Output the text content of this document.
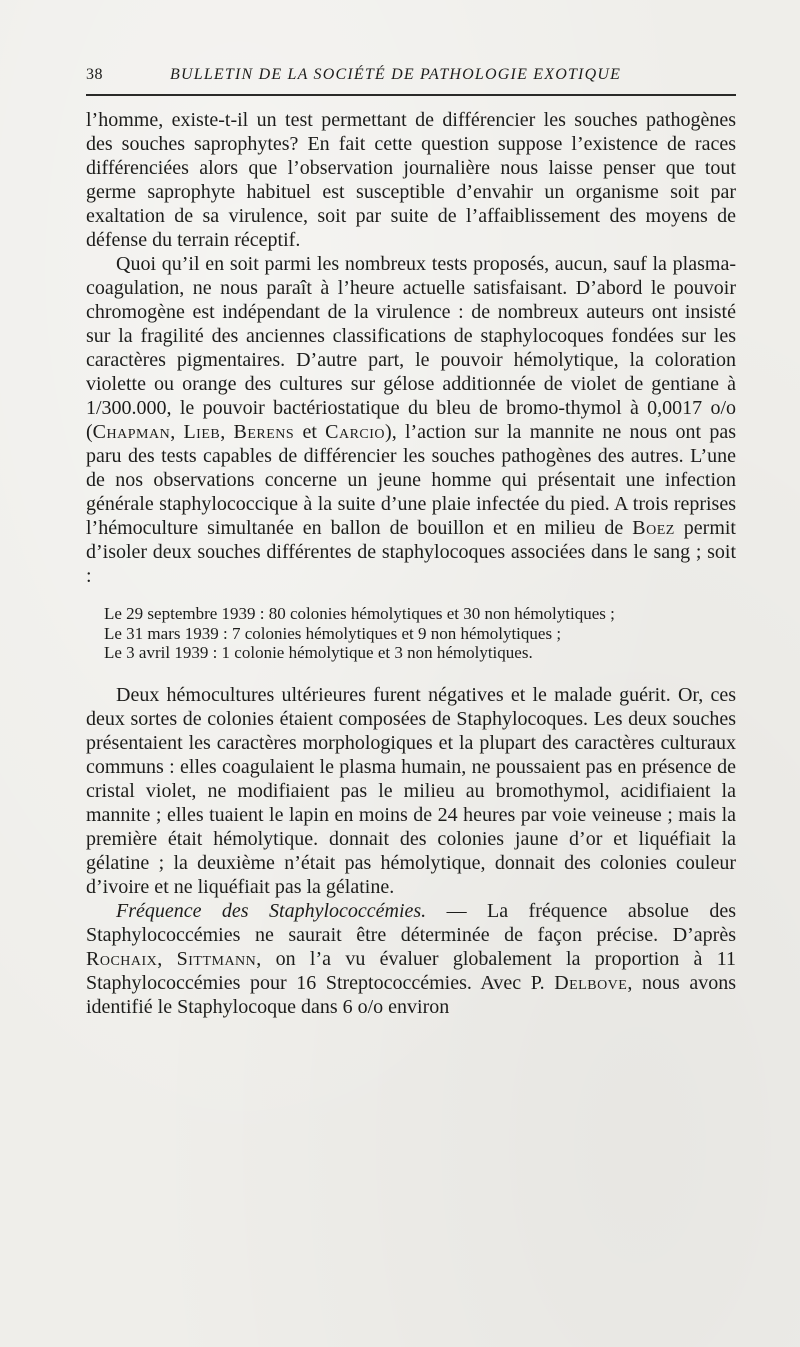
38	BULLETIN DE LA SOCIÉTÉ DE PATHOLOGIE EXOTIQUE

l’homme, existe-t-il un test permettant de différencier les souches pathogènes des souches saprophytes? En fait cette question suppose l’existence de races différenciées alors que l’observation journalière nous laisse penser que tout germe saprophyte habituel est susceptible d’envahir un organisme soit par exaltation de sa virulence, soit par suite de l’affaiblissement des moyens de défense du terrain réceptif.

Quoi qu’il en soit parmi les nombreux tests proposés, aucun, sauf la plasma-coagulation, ne nous paraît à l’heure actuelle satisfaisant. D’abord le pouvoir chromogène est indépendant de la virulence : de nombreux auteurs ont insisté sur la fragilité des anciennes classifications de staphylocoques fondées sur les caractères pigmentaires. D’autre part, le pouvoir hémolytique, la coloration violette ou orange des cultures sur gélose additionnée de violet de gentiane à 1/300.000, le pouvoir bactériostatique du bleu de bromo-thymol à 0,0017 o/o (Chapman, Lieb, Berens et Carcio), l’action sur la mannite ne nous ont pas paru des tests capables de différencier les souches pathogènes des autres. L’une de nos observations concerne un jeune homme qui présentait une infection générale staphylococcique à la suite d’une plaie infectée du pied. A trois reprises l’hémoculture simultanée en ballon de bouillon et en milieu de Boez permit d’isoler deux souches différentes de staphylocoques associées dans le sang ; soit :

Le 29 septembre 1939 : 80 colonies hémolytiques et 30 non hémolytiques ;

Le 31 mars 1939 : 7 colonies hémolytiques et 9 non hémolytiques ;

Le 3 avril 1939 : 1 colonie hémolytique et 3 non hémolytiques.

Deux hémocultures ultérieures furent négatives et le malade guérit. Or, ces deux sortes de colonies étaient composées de Staphylocoques. Les deux souches présentaient les caractères morphologiques et la plupart des caractères culturaux communs : elles coagulaient le plasma humain, ne poussaient pas en présence de cristal violet, ne modifiaient pas le milieu au bromothymol, acidifiaient la mannite ; elles tuaient le lapin en moins de 24 heures par voie veineuse ; mais la première était hémolytique. donnait des colonies jaune d’or et liquéfiait la gélatine ; la deuxième n’était pas hémolytique, donnait des colonies couleur d’ivoire et ne liquéfiait pas la gélatine.

Fréquence des Staphylococcémies. — La fréquence absolue des Staphylococcémies ne saurait être déterminée de façon précise. D’après Rochaix, Sittmann, on l’a vu évaluer globalement la proportion à 11 Staphylococcémies pour 16 Streptococcémies. Avec P. Delbove, nous avons identifié le Staphylocoque dans 6 o/o environ
